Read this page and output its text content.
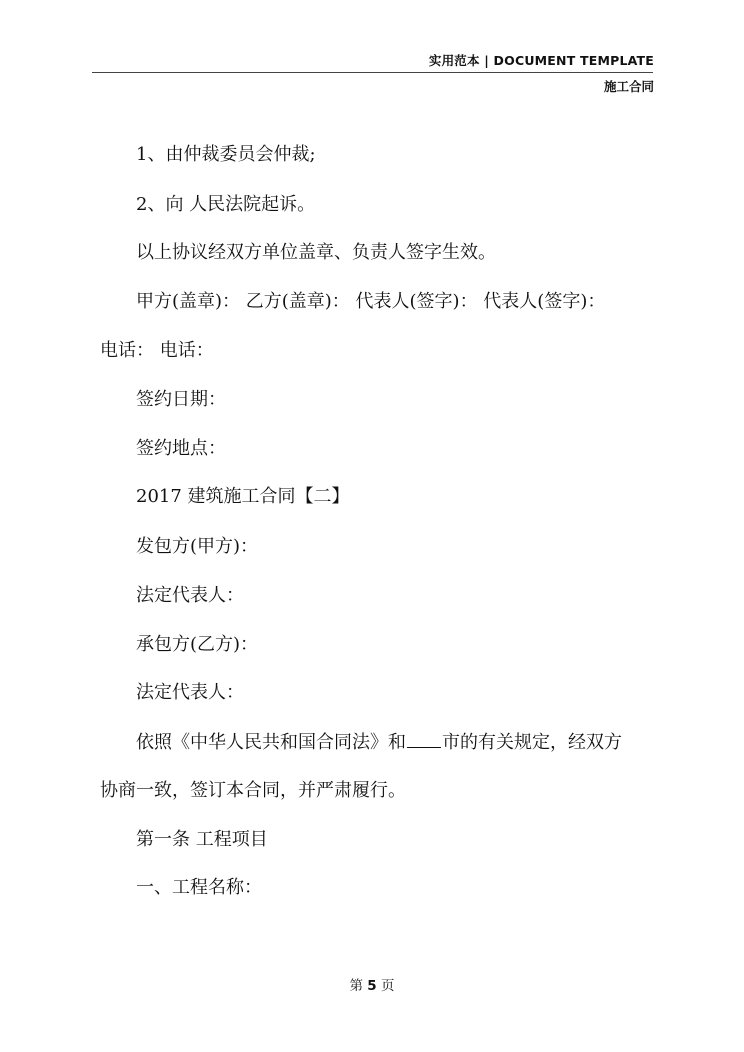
实用范本 | DOCUMENT TEMPLATE
施工合同
1、由仲裁委员会仲裁;
2、向 人民法院起诉。
以上协议经双方单位盖章、负责人签字生效。
甲方(盖章)： 乙方(盖章)： 代表人(签字)： 代表人(签字)：
电话： 电话：
签约日期：
签约地点：
2017 建筑施工合同【二】
发包方(甲方)：
法定代表人：
承包方(乙方)：
法定代表人：
依照《中华人民共和国合同法》和 市的有关规定，经双方
协商一致，签订本合同，并严肃履行。
第一条 工程项目
一、工程名称：
第 5 页
